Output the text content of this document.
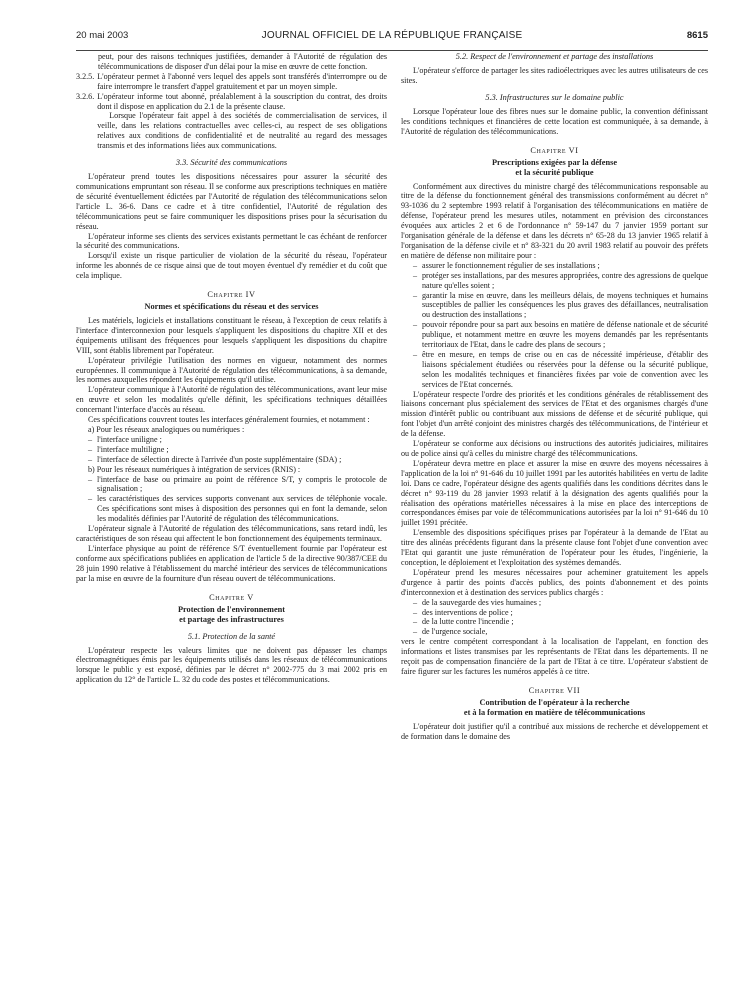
20 mai 2003	JOURNAL OFFICIEL DE LA RÉPUBLIQUE FRANÇAISE	8615

peut, pour des raisons techniques justifiées, demander à l'Autorité de régulation des télécommunications de disposer d'un délai pour la mise en œuvre de cette fonction.

3.2.5. L'opérateur permet à l'abonné vers lequel des appels sont transférés d'interrompre ou de faire interrompre le transfert d'appel gratuitement et par un moyen simple.

3.2.6. L'opérateur informe tout abonné, préalablement à la souscription du contrat, des droits dont il dispose en application du 2.1 de la présente clause.

Lorsque l'opérateur fait appel à des sociétés de commercialisation de services, il veille, dans les relations contractuelles avec celles-ci, au respect de ses obligations relatives aux conditions de confidentialité et de neutralité au regard des messages transmis et des informations liées aux communications.

3.3. Sécurité des communications

L'opérateur prend toutes les dispositions nécessaires pour assurer la sécurité des communications empruntant son réseau. Il se conforme aux prescriptions techniques en matière de sécurité éventuellement édictées par l'Autorité de régulation des télécommunications selon l'article L. 36-6. Dans ce cadre et à titre confidentiel, l'Autorité de régulation des télécommunications peut se faire communiquer les dispositions prises pour la sécurisation du réseau.

L'opérateur informe ses clients des services existants permettant le cas échéant de renforcer la sécurité des communications.

Lorsqu'il existe un risque particulier de violation de la sécurité du réseau, l'opérateur informe les abonnés de ce risque ainsi que de tout moyen éventuel d'y remédier et du coût que cela implique.

Chapitre IV
Normes et spécifications du réseau et des services

Les matériels, logiciels et installations constituant le réseau, à l'exception de ceux relatifs à l'interface d'interconnexion pour lesquels s'appliquent les dispositions du chapitre XII et des équipements utilisant des fréquences pour lesquels s'appliquent les dispositions du chapitre VIII, sont établis librement par l'opérateur.

L'opérateur privilégie l'utilisation des normes en vigueur, notamment des normes européennes. Il communique à l'Autorité de régulation des télécommunications, à sa demande, les normes auxquelles répondent les équipements qu'il utilise.

L'opérateur communique à l'Autorité de régulation des télécommunications, avant leur mise en œuvre et selon les modalités qu'elle définit, les spécifications techniques détaillées concernant l'interface d'accès au réseau.

Ces spécifications couvrent toutes les interfaces généralement fournies, et notamment :

a) Pour les réseaux analogiques ou numériques :

– l'interface uniligne ;
– l'interface multiligne ;
– l'interface de sélection directe à l'arrivée d'un poste supplémentaire (SDA) ;

b) Pour les réseaux numériques à intégration de services (RNIS) :

– l'interface de base ou primaire au point de référence S/T, y compris le protocole de signalisation ;
– les caractéristiques des services supports convenant aux services de téléphonie vocale. Ces spécifications sont mises à disposition des personnes qui en font la demande, selon les modalités définies par l'Autorité de régulation des télécommunications.

L'opérateur signale à l'Autorité de régulation des télécommunications, sans retard indû, les caractéristiques de son réseau qui affectent le bon fonctionnement des équipements terminaux.

L'interface physique au point de référence S/T éventuellement fournie par l'opérateur est conforme aux spécifications publiées en application de l'article 5 de la directive 90/387/CEE du 28 juin 1990 relative à l'établissement du marché intérieur des services de télécommunications par la mise en œuvre de la fourniture d'un réseau ouvert de télécommunications.

Chapitre V
Protection de l'environnement
et partage des infrastructures
5.1. Protection de la santé

L'opérateur respecte les valeurs limites que ne doivent pas dépasser les champs électromagnétiques émis par les équipements utilisés dans les réseaux de télécommunications lorsque le public y est exposé, définies par le décret n° 2002-775 du 3 mai 2002 pris en application du 12° de l'article L. 32 du code des postes et télécommunications.

5.2. Respect de l'environnement et partage des installations

L'opérateur s'efforce de partager les sites radioélectriques avec les autres utilisateurs de ces sites.

5.3. Infrastructures sur le domaine public

Lorsque l'opérateur loue des fibres nues sur le domaine public, la convention définissant les conditions techniques et financières de cette location est communiquée, à sa demande, à l'Autorité de régulation des télécommunications.

Chapitre VI
Prescriptions exigées par la défense
et la sécurité publique

Conformément aux directives du ministre chargé des télécommunications responsable au titre de la défense du fonctionnement général des transmissions conformément au décret n° 93-1036 du 2 septembre 1993 relatif à l'organisation des télécommunications en matière de défense, l'opérateur prend les mesures utiles, notamment en prévision des circonstances évoquées aux articles 2 et 6 de l'ordonnance n° 59-147 du 7 janvier 1959 portant sur l'organisation générale de la défense et dans les décrets n° 65-28 du 13 janvier 1965 relatif à l'organisation de la défense civile et n° 83-321 du 20 avril 1983 relatif au pouvoir des préfets en matière de défense non militaire pour :

– assurer le fonctionnement régulier de ses installations ;
– protéger ses installations, par des mesures appropriées, contre des agressions de quelque nature qu'elles soient ;
– garantir la mise en œuvre, dans les meilleurs délais, de moyens techniques et humains susceptibles de pallier les conséquences les plus graves des défaillances, neutralisation ou destruction des installations ;
– pouvoir répondre pour sa part aux besoins en matière de défense nationale et de sécurité publique, et notamment mettre en œuvre les moyens demandés par les représentants territoriaux de l'Etat, dans le cadre des plans de secours ;
– être en mesure, en temps de crise ou en cas de nécessité impérieuse, d'établir des liaisons spécialement étudiées ou réservées pour la défense ou la sécurité publique, selon les modalités techniques et financières fixées par voie de convention avec les services de l'Etat concernés.

L'opérateur respecte l'ordre des priorités et les conditions générales de rétablissement des liaisons concernant plus spécialement des services de l'Etat et des organismes chargés d'une mission d'intérêt public ou contribuant aux missions de défense et de sécurité publique, qui font l'objet d'un arrêté conjoint des ministres chargés des télécommunications, de l'intérieur et de la défense.

L'opérateur se conforme aux décisions ou instructions des autorités judiciaires, militaires ou de police ainsi qu'à celles du ministre chargé des télécommunications.

L'opérateur devra mettre en place et assurer la mise en œuvre des moyens nécessaires à l'application de la loi n° 91-646 du 10 juillet 1991 par les autorités habilitées en vertu de ladite loi. Dans ce cadre, l'opérateur désigne des agents qualifiés dans les conditions décrites dans le décret n° 93-119 du 28 janvier 1993 relatif à la désignation des agents qualifiés pour la réalisation des opérations matérielles nécessaires à la mise en place des interceptions de correspondances émises par voie de télécommunications autorisées par la loi n° 91-646 du 10 juillet 1991 précitée.

L'ensemble des dispositions spécifiques prises par l'opérateur à la demande de l'Etat au titre des alinéas précédents figurant dans la présente clause font l'objet d'une convention avec l'Etat qui garantit une juste rémunération de l'opérateur pour les études, l'ingénierie, la conception, le déploiement et l'exploitation des systèmes demandés.

L'opérateur prend les mesures nécessaires pour acheminer gratuitement les appels d'urgence à partir des points d'accès publics, des points d'abonnement et des points d'interconnexion et à destination des services publics chargés :

– de la sauvegarde des vies humaines ;
– des interventions de police ;
– de la lutte contre l'incendie ;
– de l'urgence sociale,

vers le centre compétent correspondant à la localisation de l'appelant, en fonction des informations et listes transmises par les représentants de l'Etat dans les départements. Il ne reçoit pas de compensation financière de la part de l'Etat à ce titre. L'opérateur s'abstient de faire figurer sur les factures les numéros appelés à ce titre.

Chapitre VII
Contribution de l'opérateur à la recherche
et à la formation en matière de télécommunications

L'opérateur doit justifier qu'il a contribué aux missions de recherche et développement et de formation dans le domaine des
